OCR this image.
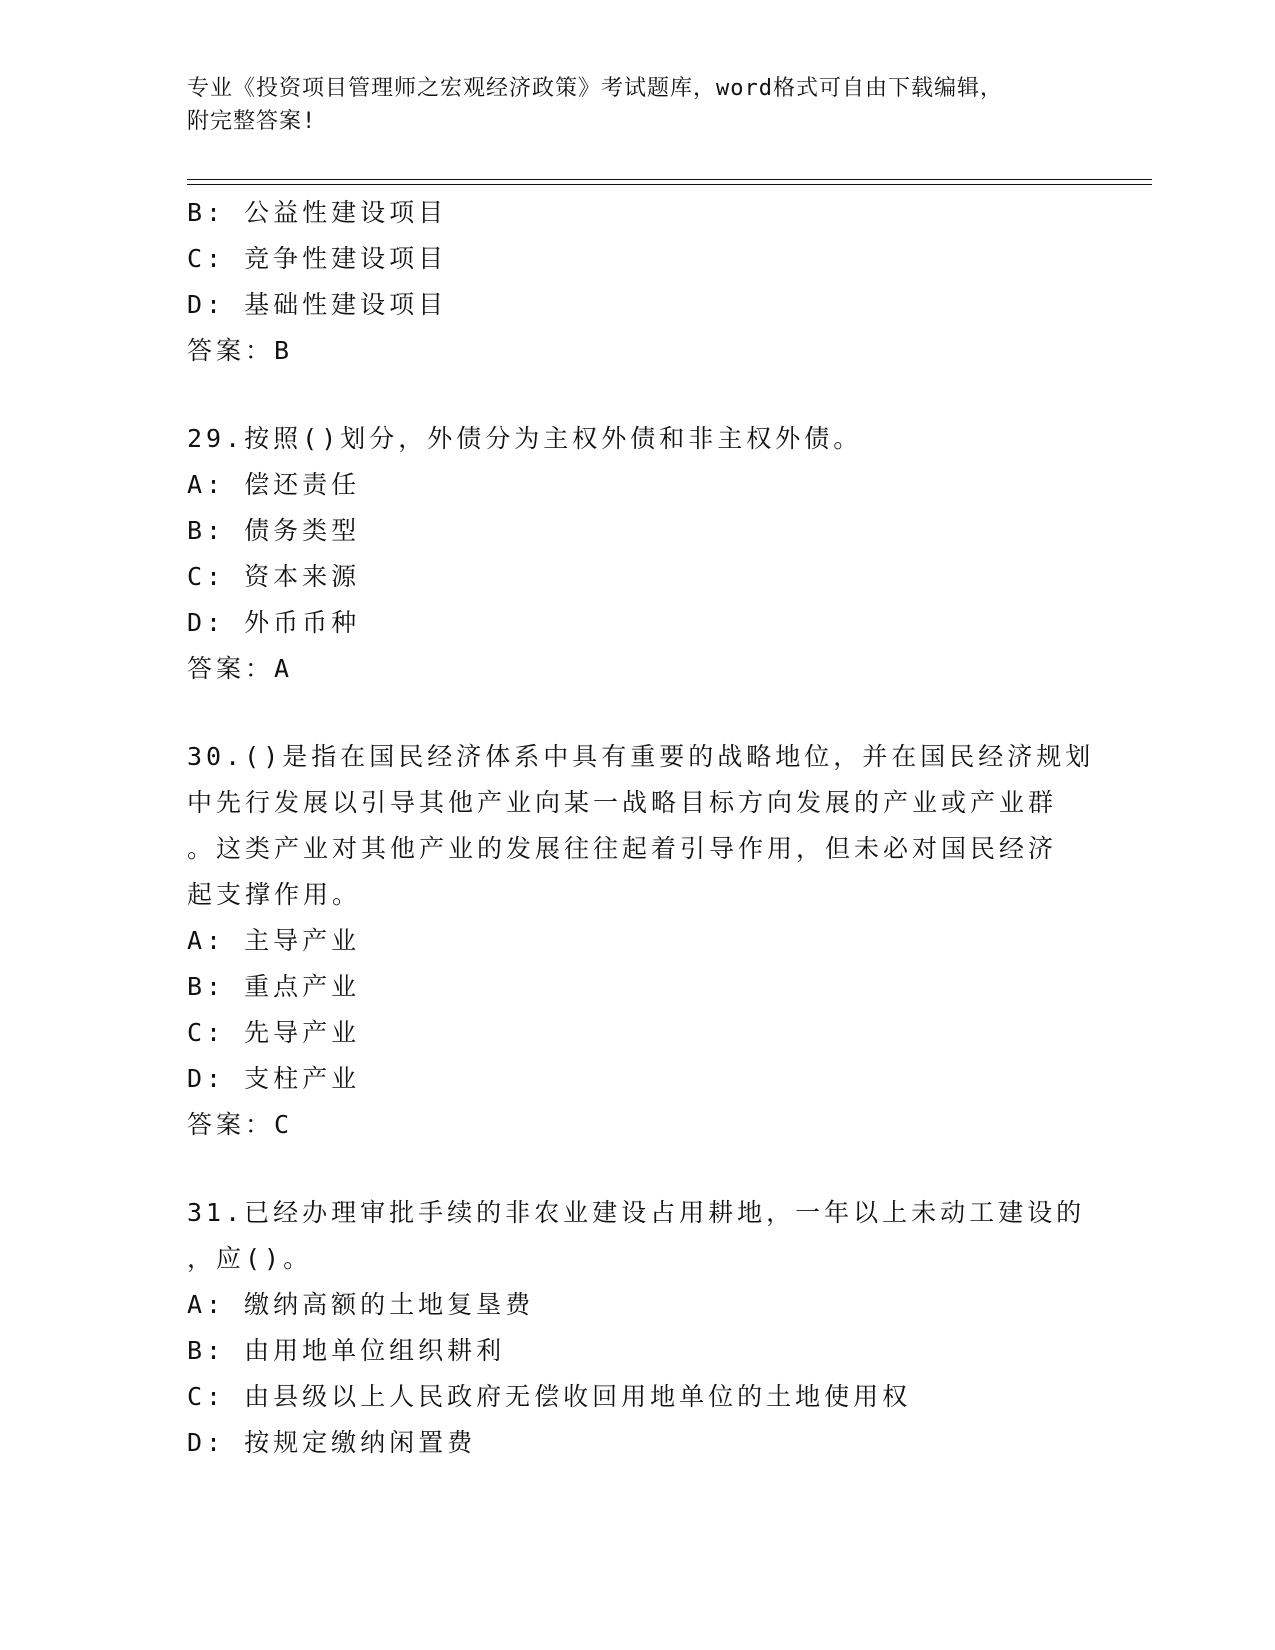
专业《投资项目管理师之宏观经济政策》考试题库，word格式可自由下载编辑，
附完整答案!
B: 公益性建设项目
C: 竞争性建设项目
D: 基础性建设项目
答案：B
29.按照()划分，外债分为主权外债和非主权外债。
A: 偿还责任
B: 债务类型
C: 资本来源
D: 外币币种
答案：A
30.()是指在国民经济体系中具有重要的战略地位，并在国民经济规划
中先行发展以引导其他产业向某一战略目标方向发展的产业或产业群
。这类产业对其他产业的发展往往起着引导作用，但未必对国民经济
起支撑作用。
A: 主导产业
B: 重点产业
C: 先导产业
D: 支柱产业
答案：C
31.已经办理审批手续的非农业建设占用耕地，一年以上未动工建设的
，应()。
A: 缴纳高额的土地复垦费
B: 由用地单位组织耕利
C: 由县级以上人民政府无偿收回用地单位的土地使用权
D: 按规定缴纳闲置费
